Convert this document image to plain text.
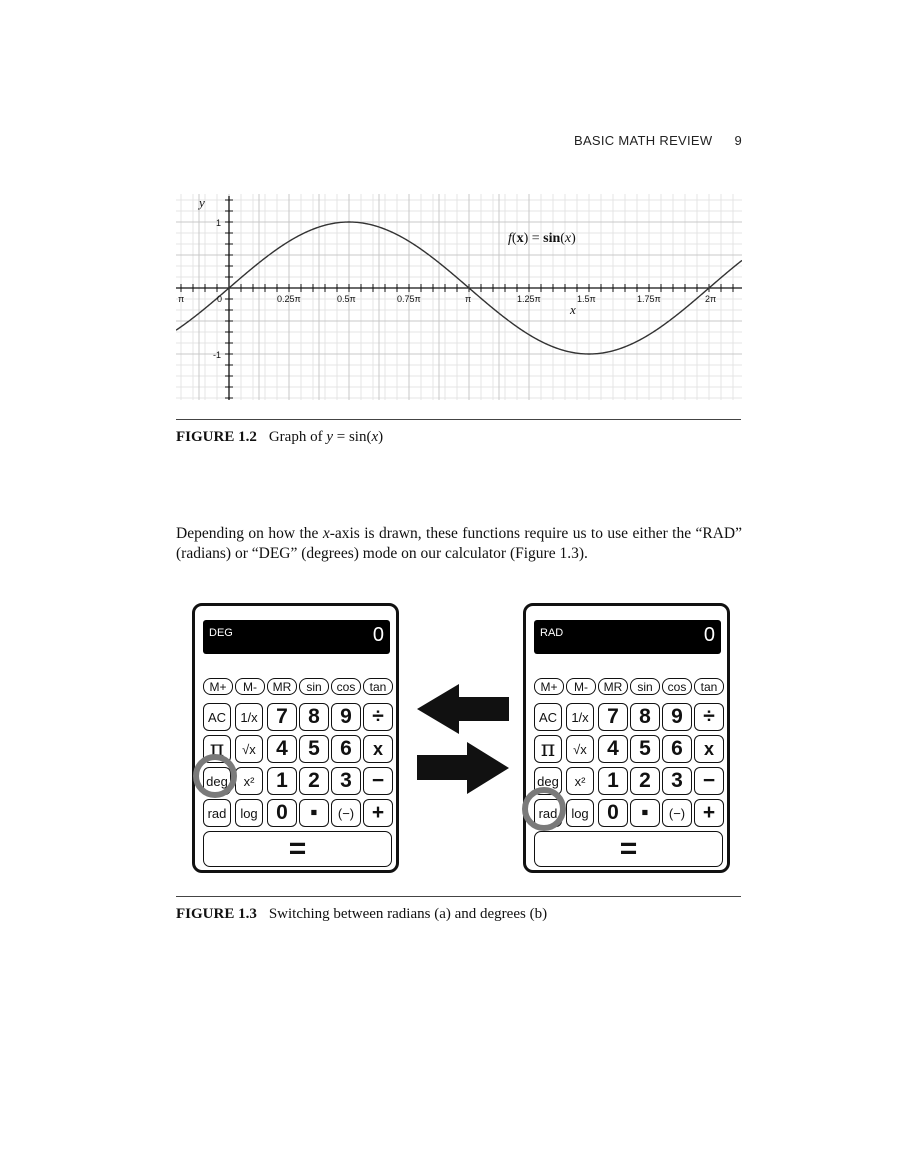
BASIC MATH REVIEW 9
f(x) = sin(x)
x
y
π	0	0.25π	0.5π	0.75π	π	1.25π	1.5π	1.75π	2π
1
-1
FIGURE 1.2 Graph of y = sin(x)
Depending on how the x-axis is drawn, these functions require us to use either the “RAD” (radians) or “DEG” (degrees) mode on our calculator (Figure 1.3).
DEG	0
M+	M-	MR	sin	cos	tan
AC	1/x 7 8 9 ÷
π	√x 4 5 6	x
deg	x²	1 2 3 −
rad	log 0	▪	(−) +
=
RAD	0
M+	M-	MR	sin	cos	tan
AC	1/x 7 8 9 ÷
π	√x 4 5 6	x
deg	x²	1 2 3 −
rad	log 0	▪	(−) +
=
FIGURE 1.3 Switching between radians (a) and degrees (b)
